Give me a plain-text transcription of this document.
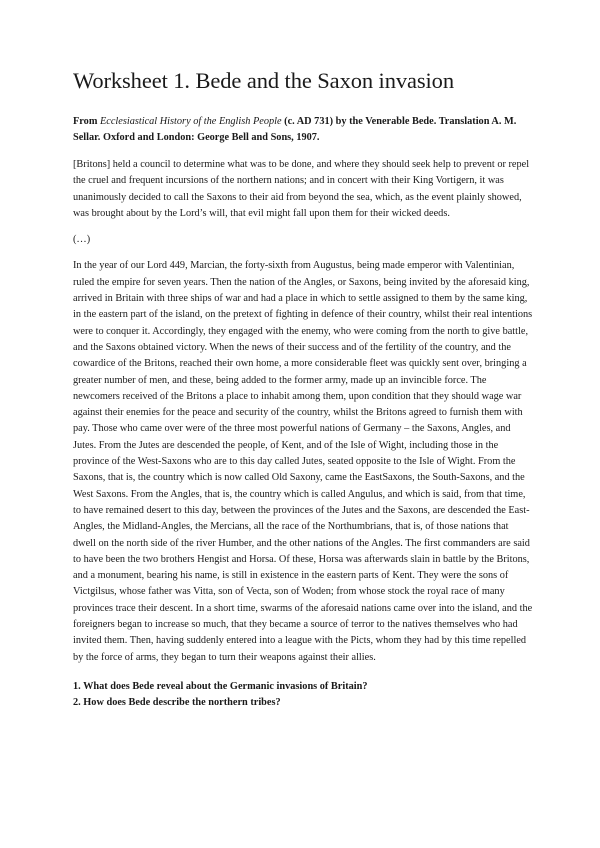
Worksheet 1. Bede and the Saxon invasion

From Ecclesiastical History of the English People (c. AD 731) by the Venerable Bede. Translation A. M. Sellar. Oxford and London: George Bell and Sons, 1907.

[Britons] held a council to determine what was to be done, and where they should seek help to prevent or repel the cruel and frequent incursions of the northern nations; and in concert with their King Vortigern, it was unanimously decided to call the Saxons to their aid from beyond the sea, which, as the event plainly showed, was brought about by the Lord’s will, that evil might fall upon them for their wicked deeds.

(…)

In the year of our Lord 449, Marcian, the forty-sixth from Augustus, being made emperor with Valentinian, ruled the empire for seven years. Then the nation of the Angles, or Saxons, being invited by the aforesaid king, arrived in Britain with three ships of war and had a place in which to settle assigned to them by the same king, in the eastern part of the island, on the pretext of fighting in defence of their country, whilst their real intentions were to conquer it. Accordingly, they engaged with the enemy, who were coming from the north to give battle, and the Saxons obtained victory. When the news of their success and of the fertility of the country, and the cowardice of the Britons, reached their own home, a more considerable fleet was quickly sent over, bringing a greater number of men, and these, being added to the former army, made up an invincible force. The newcomers received of the Britons a place to inhabit among them, upon condition that they should wage war against their enemies for the peace and security of the country, whilst the Britons agreed to furnish them with pay. Those who came over were of the three most powerful nations of Germany – the Saxons, Angles, and Jutes. From the Jutes are descended the people, of Kent, and of the Isle of Wight, including those in the province of the West-Saxons who are to this day called Jutes, seated opposite to the Isle of Wight. From the Saxons, that is, the country which is now called Old Saxony, came the EastSaxons, the South-Saxons, and the West Saxons. From the Angles, that is, the country which is called Angulus, and which is said, from that time, to have remained desert to this day, between the provinces of the Jutes and the Saxons, are descended the East-Angles, the Midland-Angles, the Mercians, all the race of the Northumbrians, that is, of those nations that dwell on the north side of the river Humber, and the other nations of the Angles. The first commanders are said to have been the two brothers Hengist and Horsa. Of these, Horsa was afterwards slain in battle by the Britons, and a monument, bearing his name, is still in existence in the eastern parts of Kent. They were the sons of Victgilsus, whose father was Vitta, son of Vecta, son of Woden; from whose stock the royal race of many provinces trace their descent. In a short time, swarms of the aforesaid nations came over into the island, and the foreigners began to increase so much, that they became a source of terror to the natives themselves who had invited them. Then, having suddenly entered into a league with the Picts, whom they had by this time repelled by the force of arms, they began to turn their weapons against their allies.

1. What does Bede reveal about the Germanic invasions of Britain?
2. How does Bede describe the northern tribes?
